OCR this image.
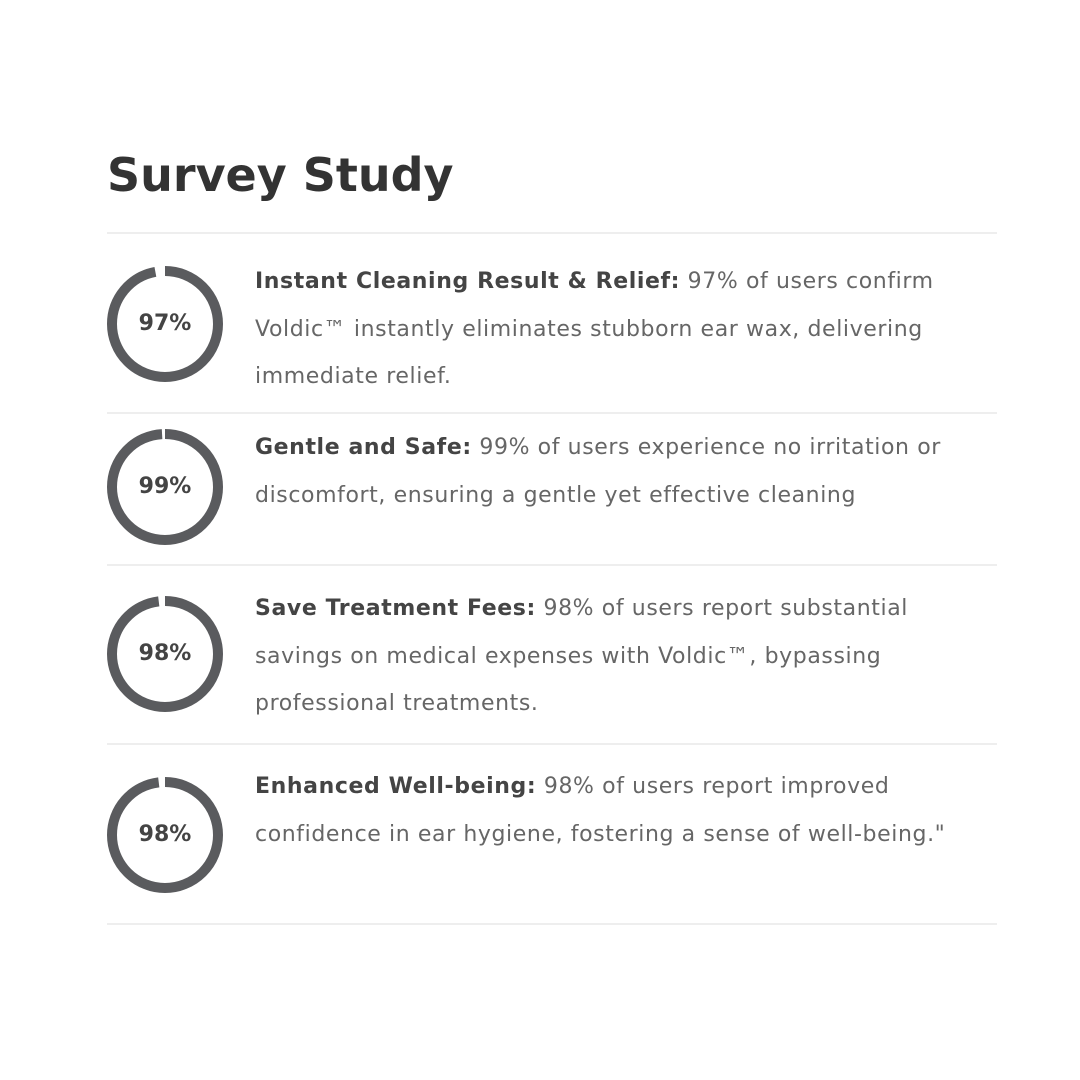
Survey Study
97%

Instant Cleaning Result & Relief: 97% of users confirm Voldic™ instantly eliminates stubborn ear wax, delivering immediate relief.

99%

Gentle and Safe: 99% of users experience no irritation or discomfort, ensuring a gentle yet effective cleaning

98%

Save Treatment Fees: 98% of users report substantial savings on medical expenses with Voldic™, bypassing professional treatments.

98%

Enhanced Well-being: 98% of users report improved confidence in ear hygiene, fostering a sense of well-being."
